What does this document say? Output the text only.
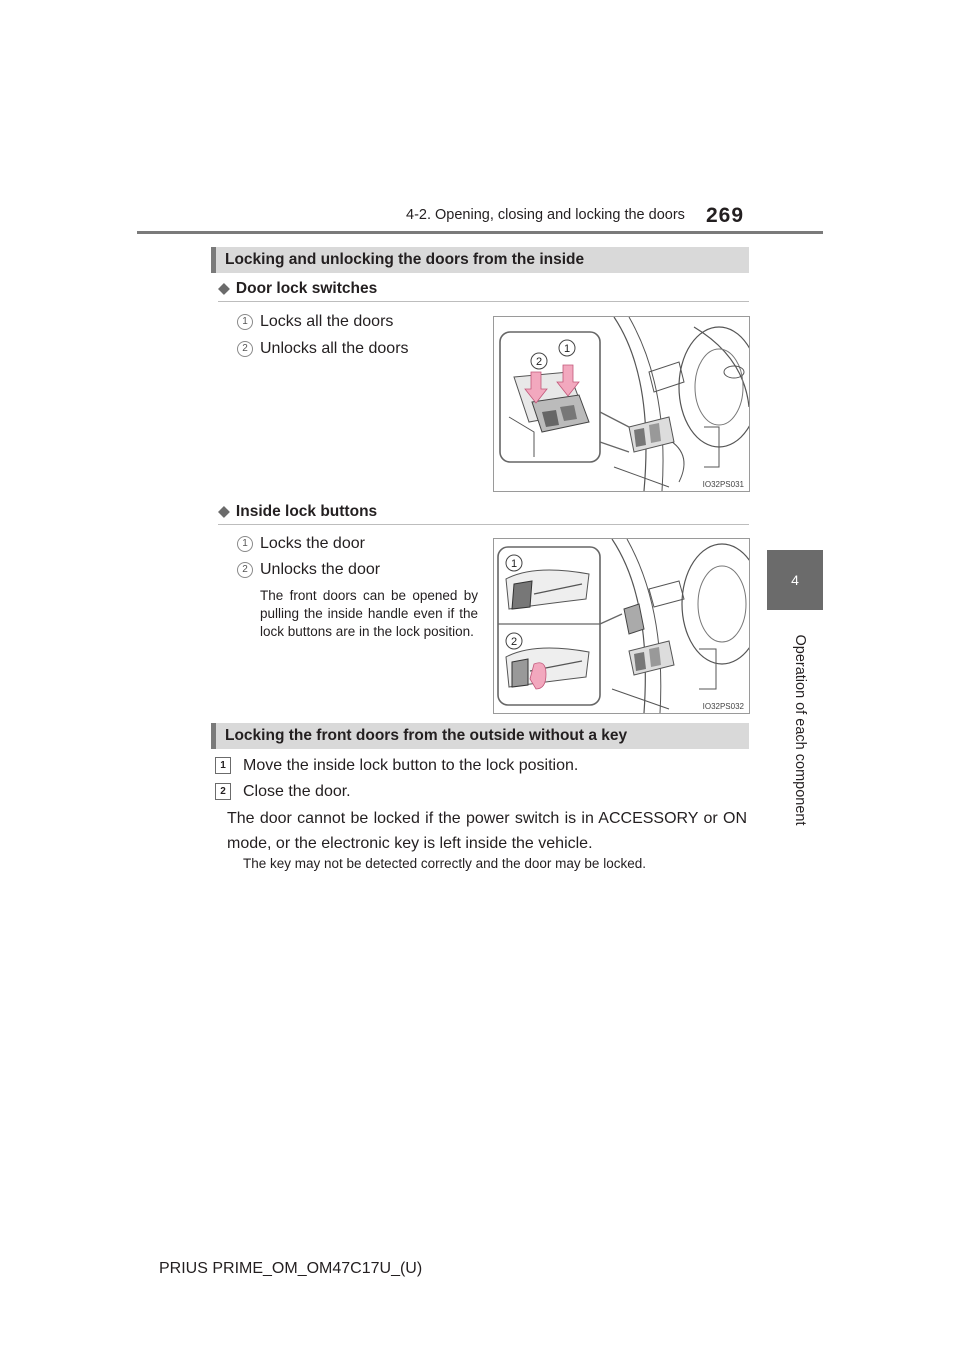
4-2. Opening, closing and locking the doors 269
4
Operation of each component
Locking and unlocking the doors from the inside
◆ Door lock switches
1 Locks all the doors
2 Unlocks all the doors	1
2
IO32PS031
◆ Inside lock buttons
1 Locks the door
2 Unlocks the door
The front doors can be opened by pulling the inside handle even if the lock buttons are in the lock position.
1
2
IO32PS032
Locking the front doors from the outside without a key
1	Move the inside lock button to the lock position.
2	Close the door.
The door cannot be locked if the power switch is in ACCESSORY or ON mode, or the electronic key is left inside the vehicle.
The key may not be detected correctly and the door may be locked.
PRIUS PRIME_OM_OM47C17U_(U)
